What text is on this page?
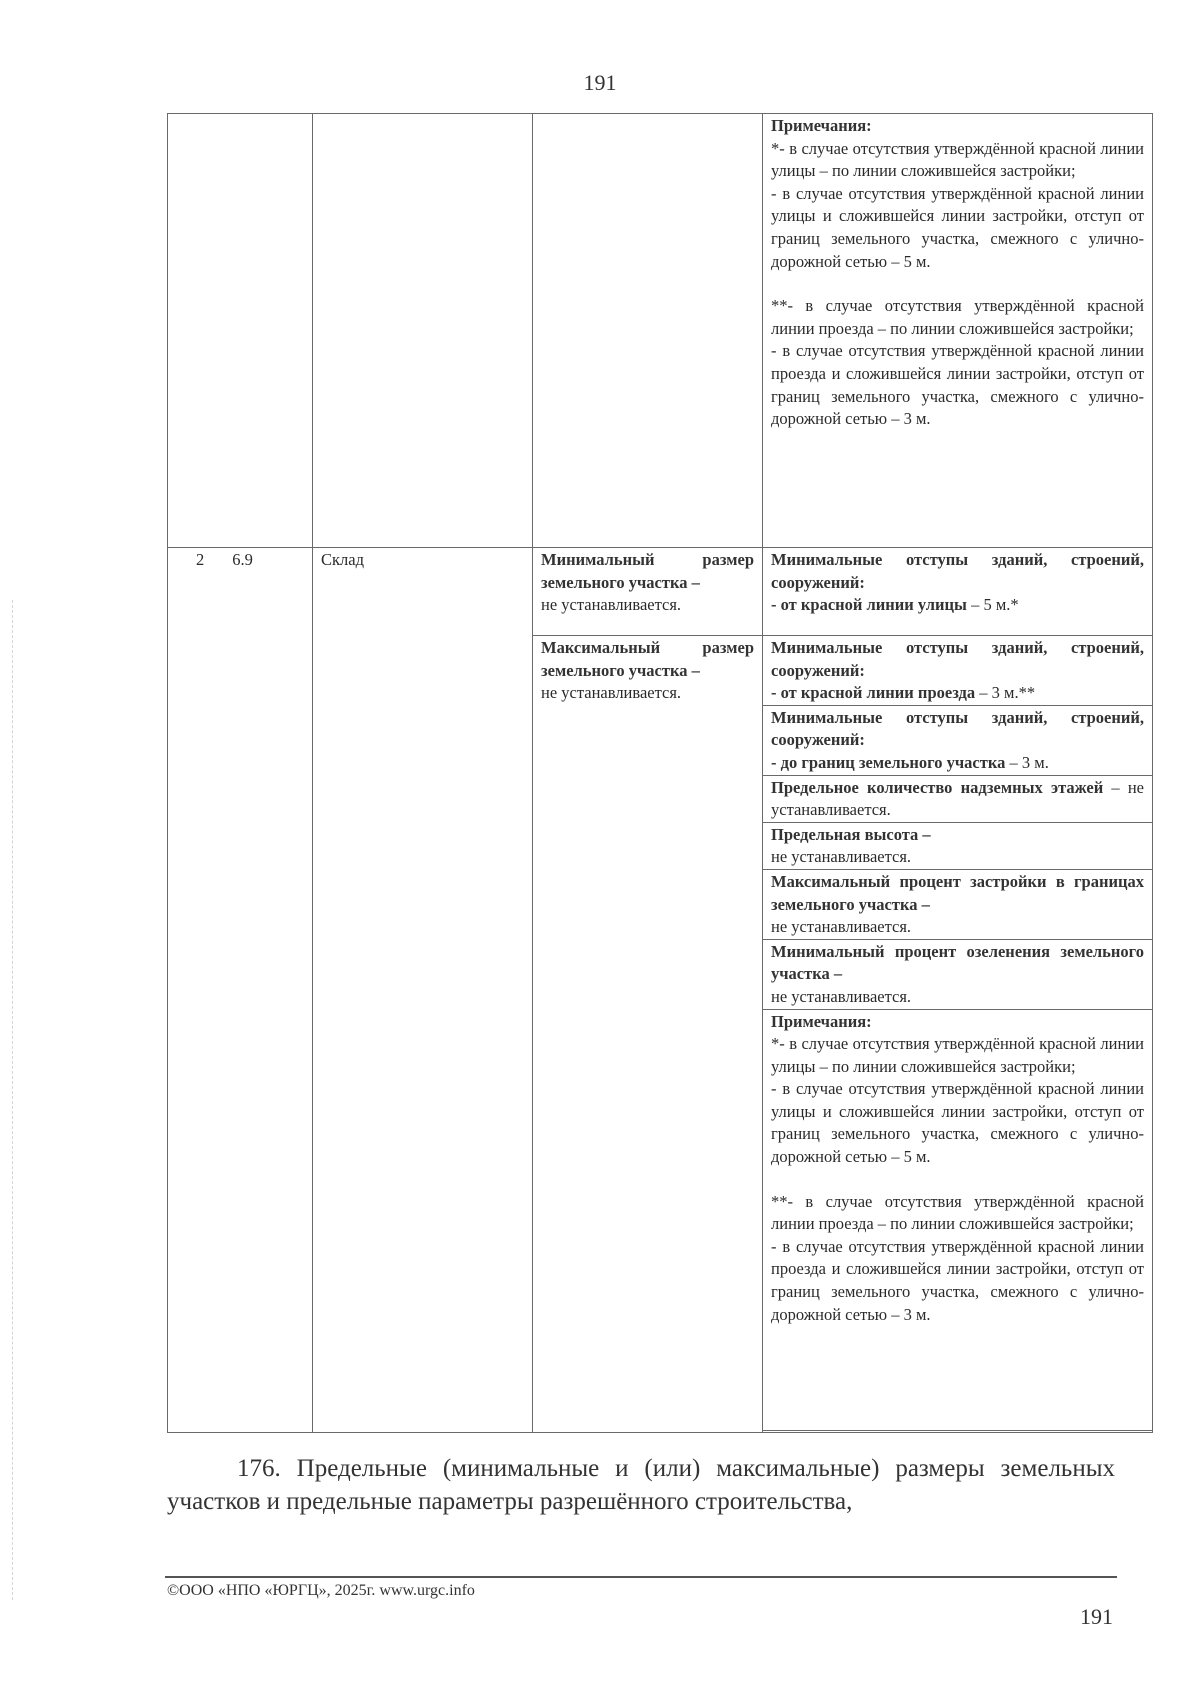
191

			Примечания:
*- в случае отсутствия утверждённой красной линии улицы – по линии сложившейся застройки;
- в случае отсутствия утверждённой красной линии улицы и сложившейся линии застройки, отступ от границ земельного участка, смежного с улично-дорожной сетью – 5 м.
**- в случае отсутствия утверждённой красной линии проезда – по линии сложившейся застройки;
- в случае отсутствия утверждённой красной линии проезда и сложившейся линии застройки, отступ от границ земельного участка, смежного с улично-дорожной сетью – 3 м.

2 6.9	Склад	Минимальный размер земельного участка –
не устанавливается.	Минимальные отступы зданий, строений, сооружений:
- от красной линии улицы – 5 м.*
		Максимальный размер земельного участка –
не устанавливается.	Минимальные отступы зданий, строений, сооружений:
- от красной линии проезда – 3 м.**
			Минимальные отступы зданий, строений, сооружений:
- до границ земельного участка – 3 м.
			Предельное количество надземных этажей – не устанавливается.
			Предельная высота –
не устанавливается.
			Максимальный процент застройки в границах земельного участка –
не устанавливается.
			Минимальный процент озеленения земельного участка –
не устанавливается.

			Примечания:
*- в случае отсутствия утверждённой красной линии улицы – по линии сложившейся застройки;
- в случае отсутствия утверждённой красной линии улицы и сложившейся линии застройки, отступ от границ земельного участка, смежного с улично-дорожной сетью – 5 м.
**- в случае отсутствия утверждённой красной линии проезда – по линии сложившейся застройки;
- в случае отсутствия утверждённой красной линии проезда и сложившейся линии застройки, отступ от границ земельного участка, смежного с улично-дорожной сетью – 3 м.

176. Предельные (минимальные и (или) максимальные) размеры земельных участков и предельные параметры разрешённого строительства,
©ООО «НПО «ЮРГЦ», 2025г. www.urgc.info
191
